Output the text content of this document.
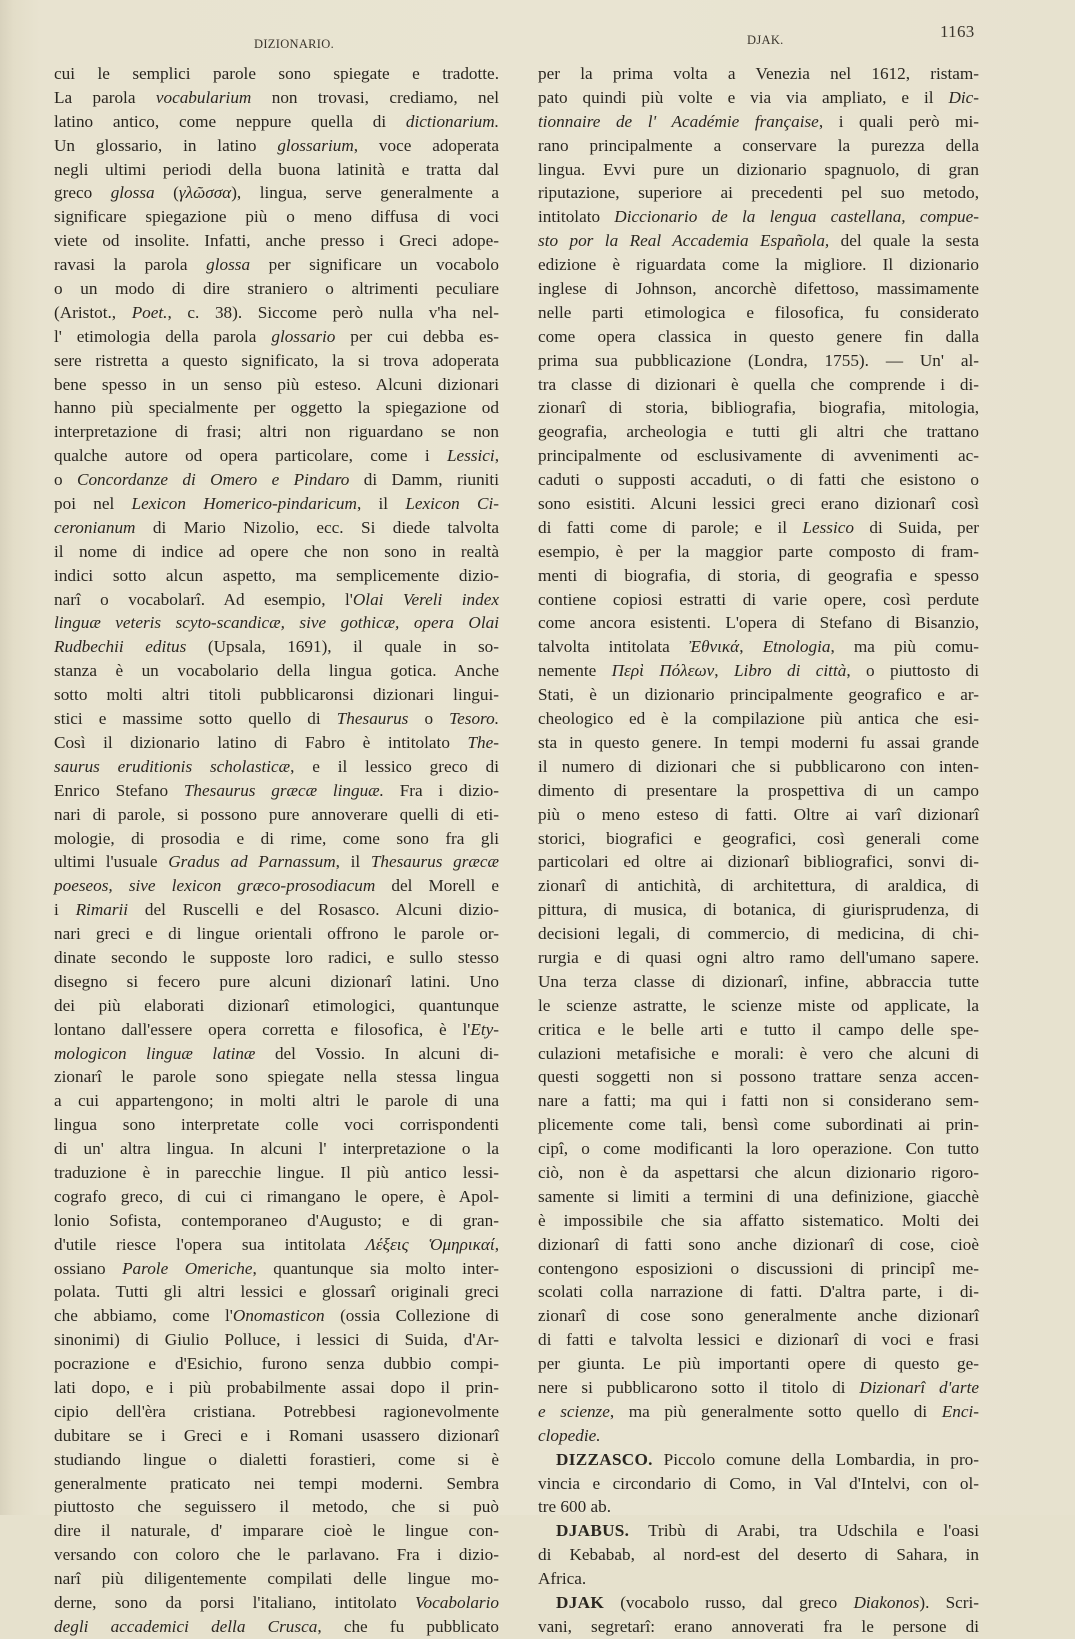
DIZIONARIO.	DJAK.	1163
cui le semplici parole sono spiegate e tradotte.
La parola vocabularium non trovasi, crediamo, nel
latino antico, come neppure quella di dictionarium.
Un glossario, in latino glossarium, voce adoperata
negli ultimi periodi della buona latinità e tratta dal
greco glossa (γλῶσσα), lingua, serve generalmente a
significare spiegazione più o meno diffusa di voci
viete od insolite. Infatti, anche presso i Greci adope-
ravasi la parola glossa per significare un vocabolo
o un modo di dire straniero o altrimenti peculiare
(Aristot., Poet., c. 38). Siccome però nulla v'ha nel-
l' etimologia della parola glossario per cui debba es-
sere ristretta a questo significato, la si trova adoperata
bene spesso in un senso più esteso. Alcuni dizionari
hanno più specialmente per oggetto la spiegazione od
interpretazione di frasi; altri non riguardano se non
qualche autore od opera particolare, come i Lessici,
o Concordanze di Omero e Pindaro di Damm, riuniti
poi nel Lexicon Homerico-pindaricum, il Lexicon Ci-
ceronianum di Mario Nizolio, ecc. Si diede talvolta
il nome di indice ad opere che non sono in realtà
indici sotto alcun aspetto, ma semplicemente dizio-
narî o vocabolarî. Ad esempio, l'Olai Vereli index
linguæ veteris scyto-scandicæ, sive gothicæ, opera Olai
Rudbechii editus (Upsala, 1691), il quale in so-
stanza è un vocabolario della lingua gotica. Anche
sotto molti altri titoli pubblicaronsi dizionari lingui-
stici e massime sotto quello di Thesaurus o Tesoro.
Così il dizionario latino di Fabro è intitolato The-
saurus eruditionis scholasticæ, e il lessico greco di
Enrico Stefano Thesaurus græcæ linguæ. Fra i dizio-
nari di parole, si possono pure annoverare quelli di eti-
mologie, di prosodia e di rime, come sono fra gli
ultimi l'usuale Gradus ad Parnassum, il Thesaurus græcæ
poeseos, sive lexicon græco-prosodiacum del Morell e
i Rimarii del Ruscelli e del Rosasco. Alcuni dizio-
nari greci e di lingue orientali offrono le parole or-
dinate secondo le supposte loro radici, e sullo stesso
disegno si fecero pure alcuni dizionarî latini. Uno
dei più elaborati dizionarî etimologici, quantunque
lontano dall'essere opera corretta e filosofica, è l'Ety-
mologicon linguæ latinæ del Vossio. In alcuni di-
zionarî le parole sono spiegate nella stessa lingua
a cui appartengono; in molti altri le parole di una
lingua sono interpretate colle voci corrispondenti
di un' altra lingua. In alcuni l' interpretazione o la
traduzione è in parecchie lingue. Il più antico lessi-
cografo greco, di cui ci rimangano le opere, è Apol-
lonio Sofista, contemporaneo d'Augusto; e di gran-
d'utile riesce l'opera sua intitolata Λέξεις Ὁμηρικαί,
ossiano Parole Omeriche, quantunque sia molto inter-
polata. Tutti gli altri lessici e glossarî originali greci
che abbiamo, come l'Onomasticon (ossia Collezione di
sinonimi) di Giulio Polluce, i lessici di Suida, d'Ar-
pocrazione e d'Esichio, furono senza dubbio compi-
lati dopo, e i più probabilmente assai dopo il prin-
cipio dell'èra cristiana. Potrebbesi ragionevolmente
dubitare se i Greci e i Romani usassero dizionarî
studiando lingue o dialetti forastieri, come si è
generalmente praticato nei tempi moderni. Sembra
piuttosto che seguissero il metodo, che si può
dire il naturale, d' imparare cioè le lingue con-
versando con coloro che le parlavano. Fra i dizio-
narî più diligentemente compilati delle lingue mo-
derne, sono da porsi l'italiano, intitolato Vocabolario
degli accademici della Crusca, che fu pubblicato
per la prima volta a Venezia nel 1612, ristam-
pato quindi più volte e via via ampliato, e il Dic-
tionnaire de l' Académie française, i quali però mi-
rano principalmente a conservare la purezza della
lingua. Evvi pure un dizionario spagnuolo, di gran
riputazione, superiore ai precedenti pel suo metodo,
intitolato Diccionario de la lengua castellana, compue-
sto por la Real Accademia Española, del quale la sesta
edizione è riguardata come la migliore. Il dizionario
inglese di Johnson, ancorchè difettoso, massimamente
nelle parti etimologica e filosofica, fu considerato
come opera classica in questo genere fin dalla
prima sua pubblicazione (Londra, 1755). — Un' al-
tra classe di dizionari è quella che comprende i di-
zionarî di storia, bibliografia, biografia, mitologia,
geografia, archeologia e tutti gli altri che trattano
principalmente od esclusivamente di avvenimenti ac-
caduti o supposti accaduti, o di fatti che esistono o
sono esistiti. Alcuni lessici greci erano dizionarî così
di fatti come di parole; e il Lessico di Suida, per
esempio, è per la maggior parte composto di fram-
menti di biografia, di storia, di geografia e spesso
contiene copiosi estratti di varie opere, così perdute
come ancora esistenti. L'opera di Stefano di Bisanzio,
talvolta intitolata Ἐθνικά, Etnologia, ma più comu-
nemente Περὶ Πόλεων, Libro di città, o piuttosto di
Stati, è un dizionario principalmente geografico e ar-
cheologico ed è la compilazione più antica che esi-
sta in questo genere. In tempi moderni fu assai grande
il numero di dizionari che si pubblicarono con inten-
dimento di presentare la prospettiva di un campo
più o meno esteso di fatti. Oltre ai varî dizionarî
storici, biografici e geografici, così generali come
particolari ed oltre ai dizionarî bibliografici, sonvi di-
zionarî di antichità, di architettura, di araldica, di
pittura, di musica, di botanica, di giurisprudenza, di
decisioni legali, di commercio, di medicina, di chi-
rurgia e di quasi ogni altro ramo dell'umano sapere.
Una terza classe di dizionarî, infine, abbraccia tutte
le scienze astratte, le scienze miste od applicate, la
critica e le belle arti e tutto il campo delle spe-
culazioni metafisiche e morali: è vero che alcuni di
questi soggetti non si possono trattare senza accen-
nare a fatti; ma qui i fatti non si considerano sem-
plicemente come tali, bensì come subordinati ai prin-
cipî, o come modificanti la loro operazione. Con tutto
ciò, non è da aspettarsi che alcun dizionario rigoro-
samente si limiti a termini di una definizione, giacchè
è impossibile che sia affatto sistematico. Molti dei
dizionarî di fatti sono anche dizionarî di cose, cioè
contengono esposizioni o discussioni di principî me-
scolati colla narrazione di fatti. D'altra parte, i di-
zionarî di cose sono generalmente anche dizionarî
di fatti e talvolta lessici e dizionarî di voci e frasi
per giunta. Le più importanti opere di questo ge-
nere si pubblicarono sotto il titolo di Dizionarî d'arte
e scienze, ma più generalmente sotto quello di Enci-
clopedie.
DIZZASCO. Piccolo comune della Lombardia, in pro-
vincia e circondario di Como, in Val d'Intelvi, con ol-
tre 600 ab.
DJABUS. Tribù di Arabi, tra Udschila e l'oasi
di Kebabab, al nord-est del deserto di Sahara, in
Africa.
DJAK (vocabolo russo, dal greco Diakonos). Scri-
vani, segretarî: erano annoverati fra le persone di
